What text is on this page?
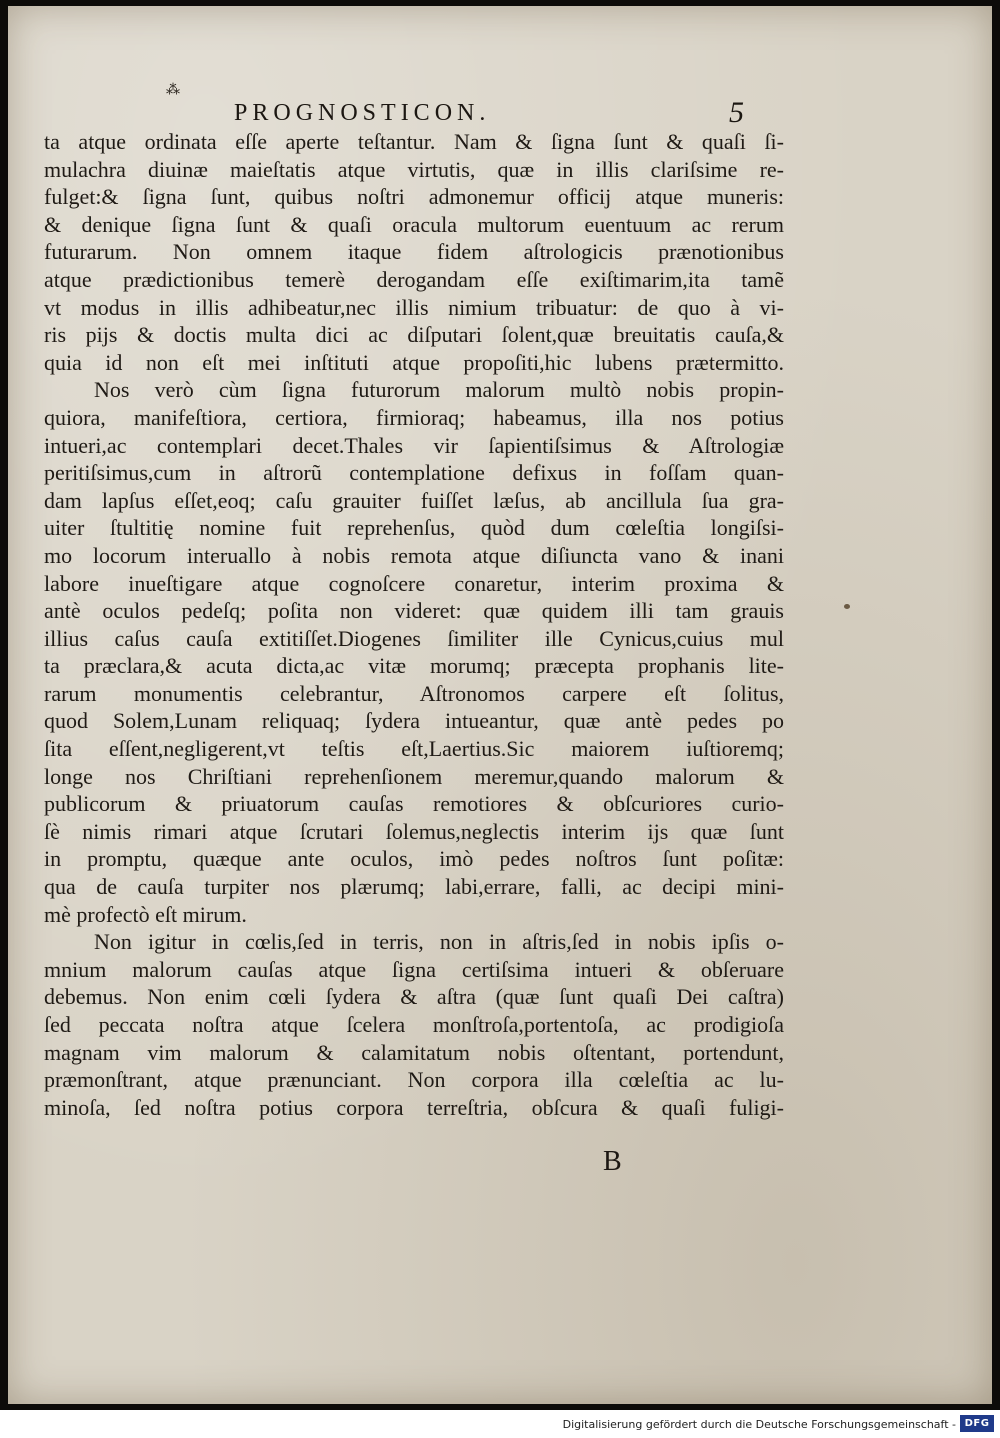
⁂
PROGNOSTICON.	5
ta atque ordinata eſſe aperte teſtantur. Nam & ſigna ſunt & quaſi ſi-
mulachra diuinæ maieſtatis atque virtutis, quæ in illis clariſsime re-
fulget:& ſigna ſunt, quibus noſtri admonemur officij atque muneris:
& denique ſigna ſunt & quaſi oracula multorum euentuum ac rerum
futurarum. Non omnem itaque fidem aſtrologicis prænotionibus
atque prædictionibus temerè derogandam eſſe exiſtimarim,ita tamẽ
vt modus in illis adhibeatur,nec illis nimium tribuatur: de quo à vi-
ris pijs & doctis multa dici ac diſputari ſolent,quæ breuitatis cauſa,&
quia id non eſt mei inſtituti atque propoſiti,hic lubens prætermitto.
Nos verò cùm ſigna futurorum malorum multò nobis propin-
quiora, manifeſtiora, certiora, firmioraq; habeamus, illa nos potius
intueri,ac contemplari decet.Thales vir ſapientiſsimus & Aſtrologiæ
peritiſsimus,cum in aſtrorũ contemplatione defixus in foſſam quan-
dam lapſus eſſet,eoq; caſu grauiter fuiſſet læſus, ab ancillula ſua gra-
uiter ſtultitię nomine fuit reprehenſus, quòd dum cœleſtia longiſsi-
mo locorum interuallo à nobis remota atque diſiuncta vano & inani
labore inueſtigare atque cognoſcere conaretur, interim proxima &
antè oculos pedeſq; poſita non videret: quæ quidem illi tam grauis
illius caſus cauſa extitiſſet.Diogenes ſimiliter ille Cynicus,cuius mul
ta præclara,& acuta dicta,ac vitæ morumq; præcepta prophanis lite-
rarum monumentis celebrantur, Aſtronomos carpere eſt ſolitus,
quod Solem,Lunam reliquaq; ſydera intueantur, quæ antè pedes po
ſita eſſent,negligerent,vt teſtis eſt,Laertius.Sic maiorem iuſtioremq;
longe nos Chriſtiani reprehenſionem meremur,quando malorum &
publicorum & priuatorum cauſas remotiores & obſcuriores curio-
ſè nimis rimari atque ſcrutari ſolemus,neglectis interim ijs quæ ſunt
in promptu, quæque ante oculos, imò pedes noſtros ſunt poſitæ:
qua de cauſa turpiter nos plærumq; labi,errare, falli, ac decipi mini-
mè profectò eſt mirum.
Non igitur in cœlis,ſed in terris, non in aſtris,ſed in nobis ipſis o-
mnium malorum cauſas atque ſigna certiſsima intueri & obſeruare
debemus. Non enim cœli ſydera & aſtra (quæ ſunt quaſi Dei caſtra)
ſed peccata noſtra atque ſcelera monſtroſa,portentoſa, ac prodigioſa
magnam vim malorum & calamitatum nobis oſtentant, portendunt,
præmonſtrant, atque prænunciant. Non corpora illa cœleſtia ac lu-
minoſa, ſed noſtra potius corpora terreſtria, obſcura & quaſi fuligi-
B
Digitalisierung gefördert durch die Deutsche Forschungsgemeinschaft - DFG
